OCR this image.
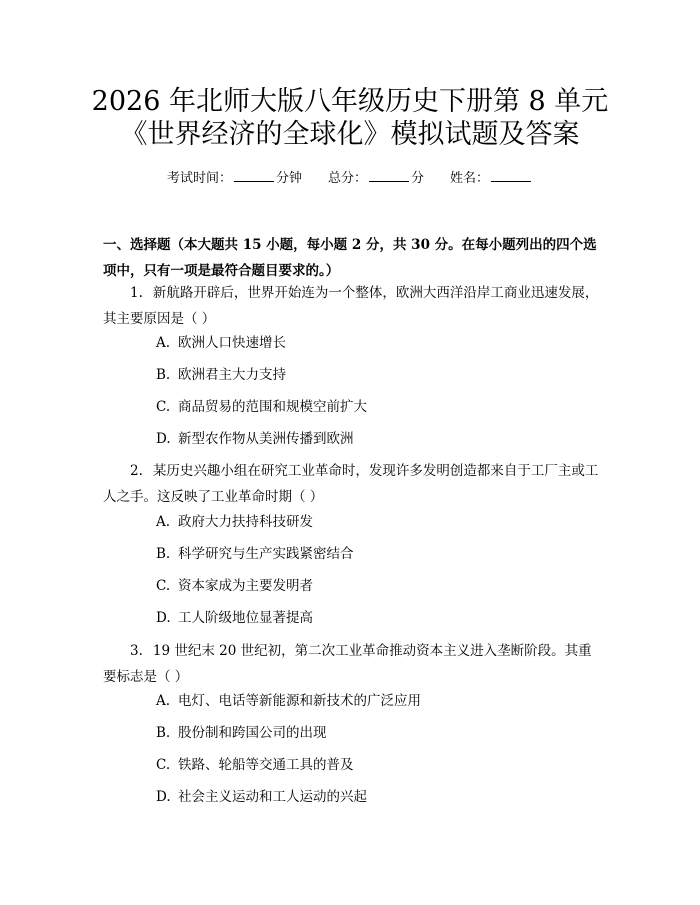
2026 年北师大版八年级历史下册第 8 单元
《世界经济的全球化》模拟试题及答案
考试时间：	分钟 总分：	分 姓名：
一、选择题（本大题共 15 小题，每小题 2 分，共 30 分。在每小题列出的四个选项中，只有一项是最符合题目要求的。）
1. 新航路开辟后，世界开始连为一个整体，欧洲大西洋沿岸工商业迅速发展，其主要原因是（ ）
A. 欧洲人口快速增长
B. 欧洲君主大力支持
C. 商品贸易的范围和规模空前扩大
D. 新型农作物从美洲传播到欧洲
2. 某历史兴趣小组在研究工业革命时，发现许多发明创造都来自于工厂主或工人之手。这反映了工业革命时期（ ）
A. 政府大力扶持科技研发
B. 科学研究与生产实践紧密结合
C. 资本家成为主要发明者
D. 工人阶级地位显著提高
3. 19 世纪末 20 世纪初，第二次工业革命推动资本主义进入垄断阶段。其重要标志是（ ）
A. 电灯、电话等新能源和新技术的广泛应用
B. 股份制和跨国公司的出现
C. 铁路、轮船等交通工具的普及
D. 社会主义运动和工人运动的兴起
